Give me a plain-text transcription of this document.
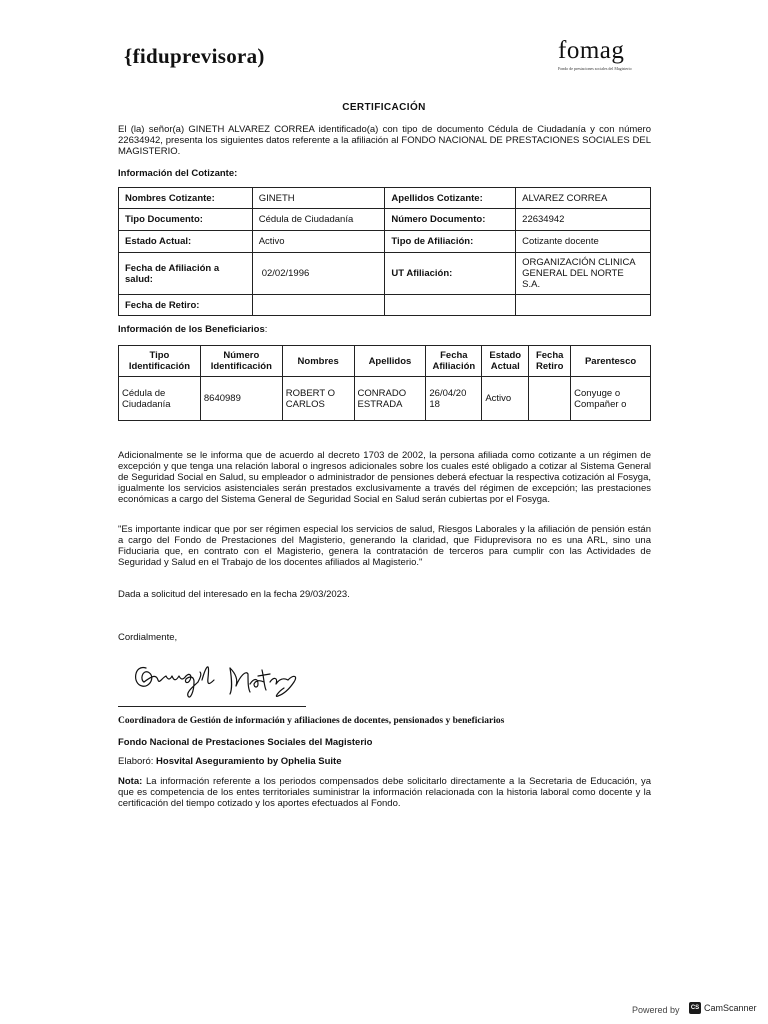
{fiduprevisora)	fomag
Fondo de prestaciones sociales del Magisterio
CERTIFICACIÓN
El (la) señor(a) GINETH ALVAREZ CORREA identificado(a) con tipo de documento Cédula de Ciudadanía y con número 22634942, presenta los siguientes datos referente a la afiliación al FONDO NACIONAL DE PRESTACIONES SOCIALES DEL MAGISTERIO.
Información del Cotizante:
Nombres Cotizante:	GINETH	Apellidos Cotizante:	ALVAREZ CORREA
Tipo Documento:	Cédula de Ciudadanía	Número Documento:	22634942
Estado Actual:	Activo	Tipo de Afiliación:	Cotizante docente
Fecha de Afiliación a salud:	02/02/1996	UT Afiliación:	ORGANIZACIÓN CLINICA GENERAL DEL NORTE S.A.
Fecha de Retiro:			
Información de los Beneficiarios:
Tipo Identificación	Número Identificación	Nombres	Apellidos	Fecha Afiliación	Estado Actual	Fecha Retiro	Parentesco
Cédula de Ciudadanía	8640989	ROBERT O CARLOS	CONRADO ESTRADA	26/04/20 18	Activo		Conyuge o Compañer o
Adicionalmente se le informa que de acuerdo al decreto 1703 de 2002, la persona afiliada como cotizante a un régimen de excepción y que tenga una relación laboral o ingresos adicionales sobre los cuales esté obligado a cotizar al Sistema General de Seguridad Social en Salud, su empleador o administrador de pensiones deberá efectuar la respectiva cotización al Fosyga, igualmente los servicios asistenciales serán prestados exclusivamente a través del régimen de excepción; las prestaciones económicas a cargo del Sistema General de Seguridad Social en Salud serán cubiertas por el Fosyga.
"Es importante indicar que por ser régimen especial los servicios de salud, Riesgos Laborales y la afiliación de pensión están a cargo del Fondo de Prestaciones del Magisterio, generando la claridad, que Fiduprevisora no es una ARL, sino una Fiduciaria que, en contrato con el Magisterio, genera la contratación de terceros para cumplir con las Actividades de Seguridad y Salud en el Trabajo de los docentes afiliados al Magisterio."
Dada a solicitud del interesado en la fecha 29/03/2023.
Cordialmente,
Coordinadora de Gestión de información y afiliaciones de docentes, pensionados y beneficiarios
Fondo Nacional de Prestaciones Sociales del Magisterio
Elaboró: Hosvital Aseguramiento by Ophelia Suite
Nota: La información referente a los periodos compensados debe solicitarlo directamente a la Secretaria de Educación, ya que es competencia de los entes territoriales suministrar la información relacionada con la historia laboral como docente y la certificación del tiempo cotizado y los aportes efectuados al Fondo.
Powered by	CS CamScanner
